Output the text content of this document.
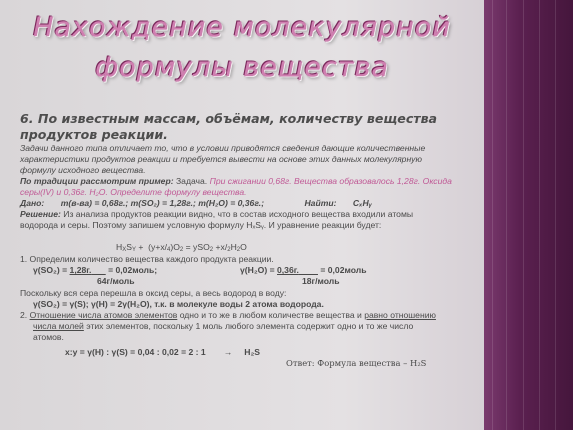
Нахождение молекулярной
формулы вещества
6. По известным массам, объёмам, количеству вещества продуктов реакции.
Задачи данного типа отличает то, что в условии приводятся сведения дающие количественные
характеристики продуктов реакции и требуется вывести на основе этих данных молекулярную
формулу исходного вещества.
По традиции рассмотрим пример: Задача. При сжигании 0,68г. Вещества образовалось 1,28г. Оксида
серы(IV) и 0,36г. H₂O. Определите формулу вещества.
Дано: m(в-ва) = 0,68г.; m(SO₂) = 1,28г.; m(H₂O) = 0,36г.;	Найти: CₓHᵧ
Решение: Из анализа продуктов реакции видно, что в состав исходного вещества входили атомы
водорода и серы. Поэтому запишем условную формулу HₓSᵧ. И уравнение реакции будет:
HXSY +  (y+x/4)O2 = ySO2 +x/2H2O
1. Определим количество вещества каждого продукта реакции.
γ(SO₂) = 1,28г. = 0,02моль;	γ(H₂O) = 0,36г.	= 0,02моль
64г/моль	18г/моль
Поскольку вся сера перешла в оксид серы, а весь водород в воду:
γ(SO₂) = γ(S); γ(H) = 2γ(H₂O), т.к. в молекуле воды 2 атома водорода.
2. Отношение числа атомов элементов одно и то же в любом количестве вещества и равно отношению
числа молей этих элементов, поскольку 1 моль любого элемента содержит одно и то же число
атомов.
x:y = γ(H) : γ(S) = 0,04 : 0,02 = 2 : 1 → H₂S
Ответ: Формула вещества – H₂S
